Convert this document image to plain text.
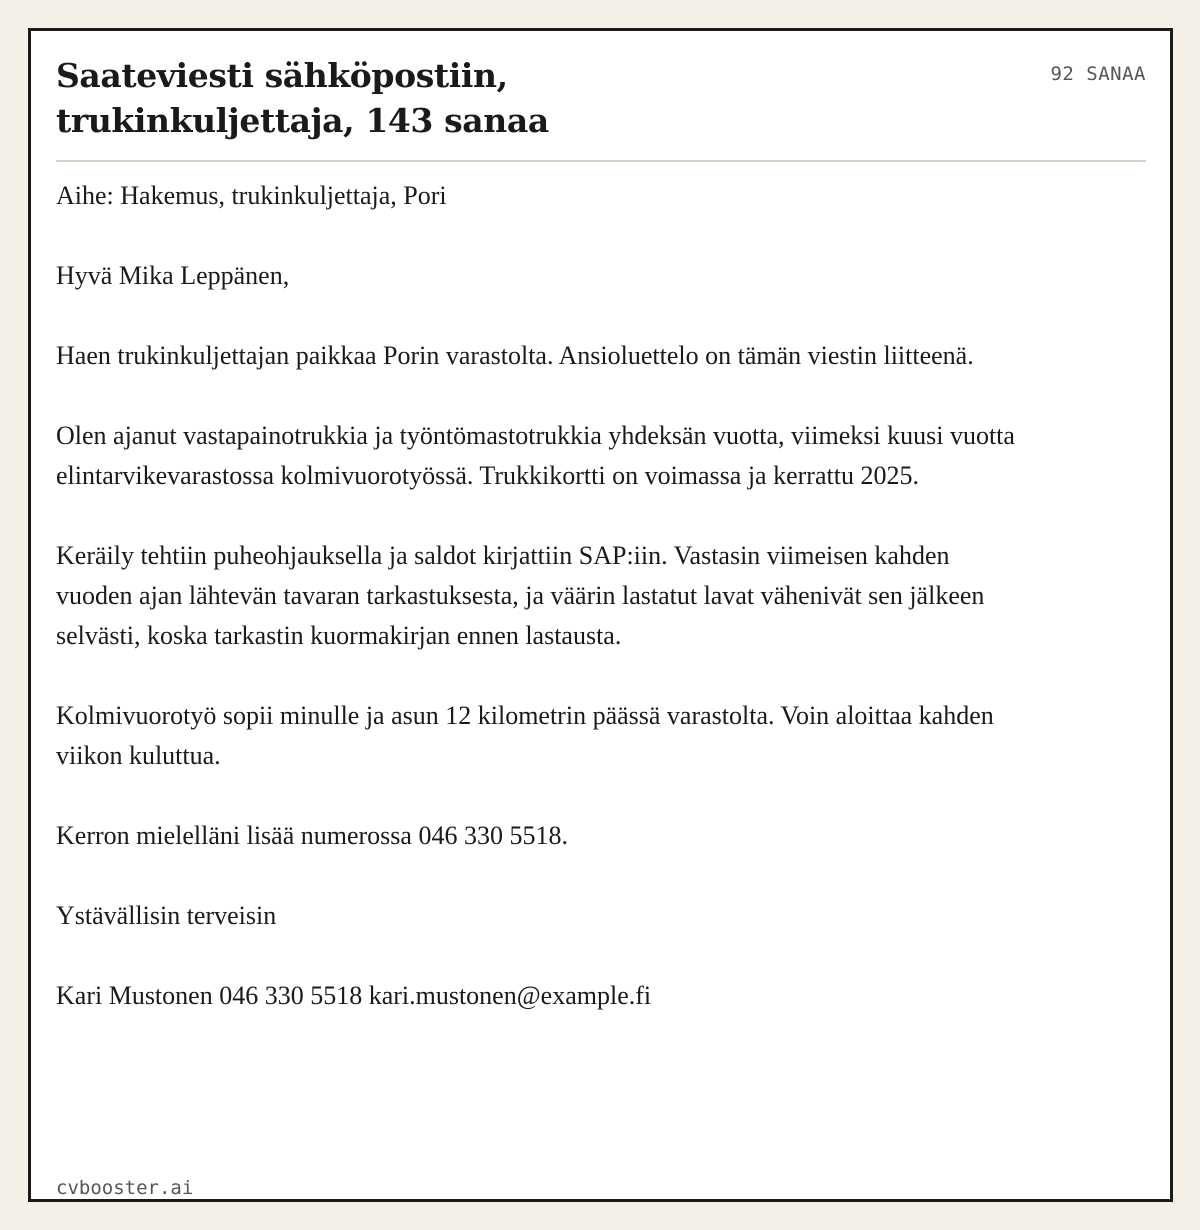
Saateviesti sähköpostiin, trukinkuljettaja, 143 sanaa
92 SANAA

Aihe: Hakemus, trukinkuljettaja, Pori

Hyvä Mika Leppänen,

Haen trukinkuljettajan paikkaa Porin varastolta. Ansioluettelo on tämän viestin liitteenä.

Olen ajanut vastapainotrukkia ja työntömastotrukkia yhdeksän vuotta, viimeksi kuusi vuotta elintarvikevarastossa kolmivuorotyössä. Trukkikortti on voimassa ja kerrattu 2025.

Keräily tehtiin puheohjauksella ja saldot kirjattiin SAP:iin. Vastasin viimeisen kahden vuoden ajan lähtevän tavaran tarkastuksesta, ja väärin lastatut lavat vähenivät sen jälkeen selvästi, koska tarkastin kuormakirjan ennen lastausta.

Kolmivuorotyö sopii minulle ja asun 12 kilometrin päässä varastolta. Voin aloittaa kahden viikon kuluttua.

Kerron mielelläni lisää numerossa 046 330 5518.

Ystävällisin terveisin

Kari Mustonen 046 330 5518 kari.mustonen@example.fi

cvbooster.ai
